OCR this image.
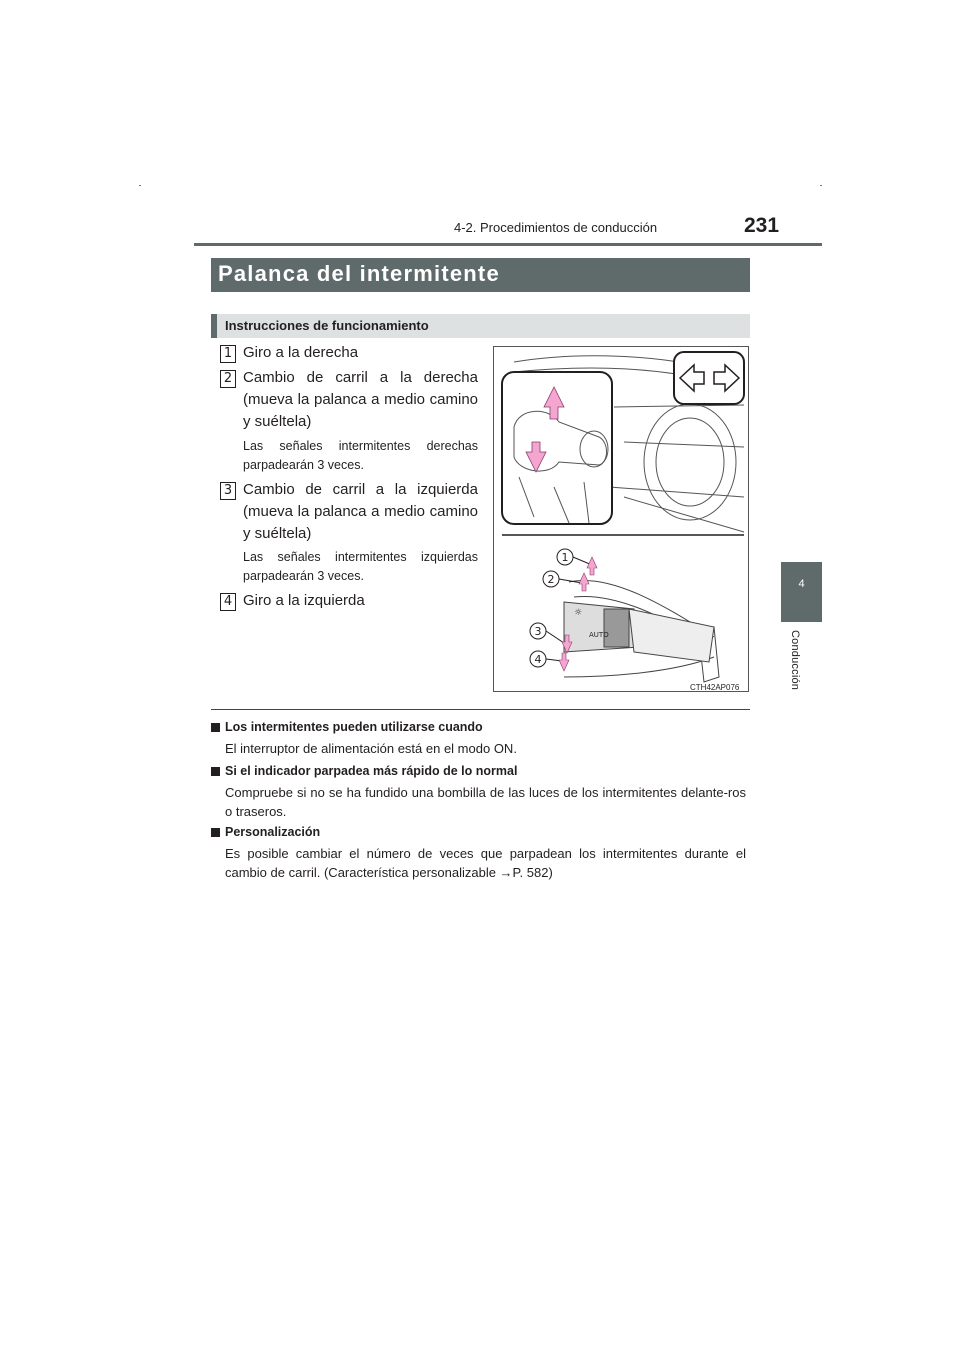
4-2. Procedimientos de conducción	231
4
Conducción
Palanca del intermitente
Instrucciones de funcionamiento
1 Giro a la derecha
2 Cambio de carril a la derecha (mueva la palanca a medio camino y suéltela)
Las señales intermitentes derechas parpadearán 3 veces.
3 Cambio de carril a la izquierda (mueva la palanca a medio camino y suéltela)
Las señales intermitentes izquierdas parpadearán 3 veces.
4 Giro a la izquierda
AUTO
☼
1
2
3
4
CTH42AP076
Los intermitentes pueden utilizarse cuando
El interruptor de alimentación está en el modo ON.
Si el indicador parpadea más rápido de lo normal
Compruebe si no se ha fundido una bombilla de las luces de los intermitentes delante-ros o traseros.
Personalización
Es posible cambiar el número de veces que parpadean los intermitentes durante el cambio de carril. (Característica personalizable →P. 582)
